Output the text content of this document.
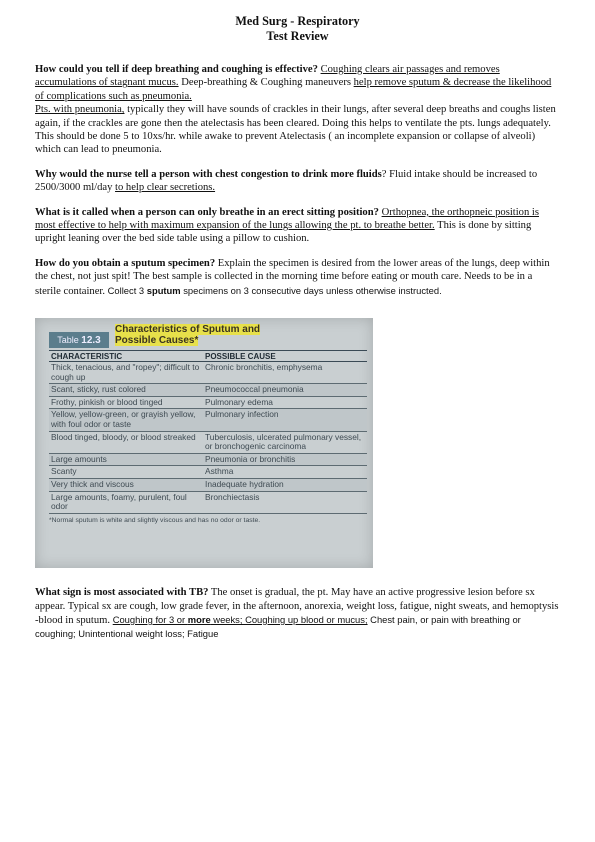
Med Surg - Respiratory
Test Review

How could you tell if deep breathing and coughing is effective? Coughing clears air passages and removes accumulations of stagnant mucus. Deep-breathing & Coughing maneuvers help remove sputum & decrease the likelihood of complications such as pneumonia.
Pts. with pneumonia, typically they will have sounds of crackles in their lungs, after several deep breaths and coughs listen again, if the crackles are gone then the atelectasis has been cleared. Doing this helps to ventilate the pts. lungs adequately. This should be done 5 to 10xs/hr. while awake to prevent Atelectasis ( an incomplete expansion or collapse of alveoli) which can lead to pneumonia.

Why would the nurse tell a person with chest congestion to drink more fluids? Fluid intake should be increased to 2500/3000 ml/day to help clear secretions.

What is it called when a person can only breathe in an erect sitting position? Orthopnea, the orthopneic position is most effective to help with maximum expansion of the lungs allowing the pt. to breathe better. This is done by sitting upright leaning over the bed side table using a pillow to cushion.

How do you obtain a sputum specimen? Explain the specimen is desired from the lower areas of the lungs, deep within the chest, not just spit! The best sample is collected in the morning time before eating or mouth care. Needs to be in a sterile container. Collect 3 sputum specimens on 3 consecutive days unless otherwise instructed.

Table 12.3
Characteristics of Sputum and
Possible Causes*
CHARACTERISTIC	POSSIBLE CAUSE
Thick, tenacious, and "ropey"; difficult to cough up	Chronic bronchitis, emphysema
Scant, sticky, rust colored	Pneumococcal pneumonia
Frothy, pinkish or blood tinged	Pulmonary edema
Yellow, yellow-green, or grayish yellow, with foul odor or taste	Pulmonary infection
Blood tinged, bloody, or blood streaked	Tuberculosis, ulcerated pulmonary vessel, or bronchogenic carcinoma
Large amounts	Pneumonia or bronchitis
Scanty	Asthma
Very thick and viscous	Inadequate hydration
Large amounts, foamy, purulent, foul odor	Bronchiectasis
*Normal sputum is white and slightly viscous and has no odor or taste.

What sign is most associated with TB? The onset is gradual, the pt. May have an active progressive lesion before sx appear. Typical sx are cough, low grade fever, in the afternoon, anorexia, weight loss, fatigue, night sweats, and hemoptysis -blood in sputum. Coughing for 3 or more weeks; Coughing up blood or mucus; Chest pain, or pain with breathing or coughing; Unintentional weight loss; Fatigue
